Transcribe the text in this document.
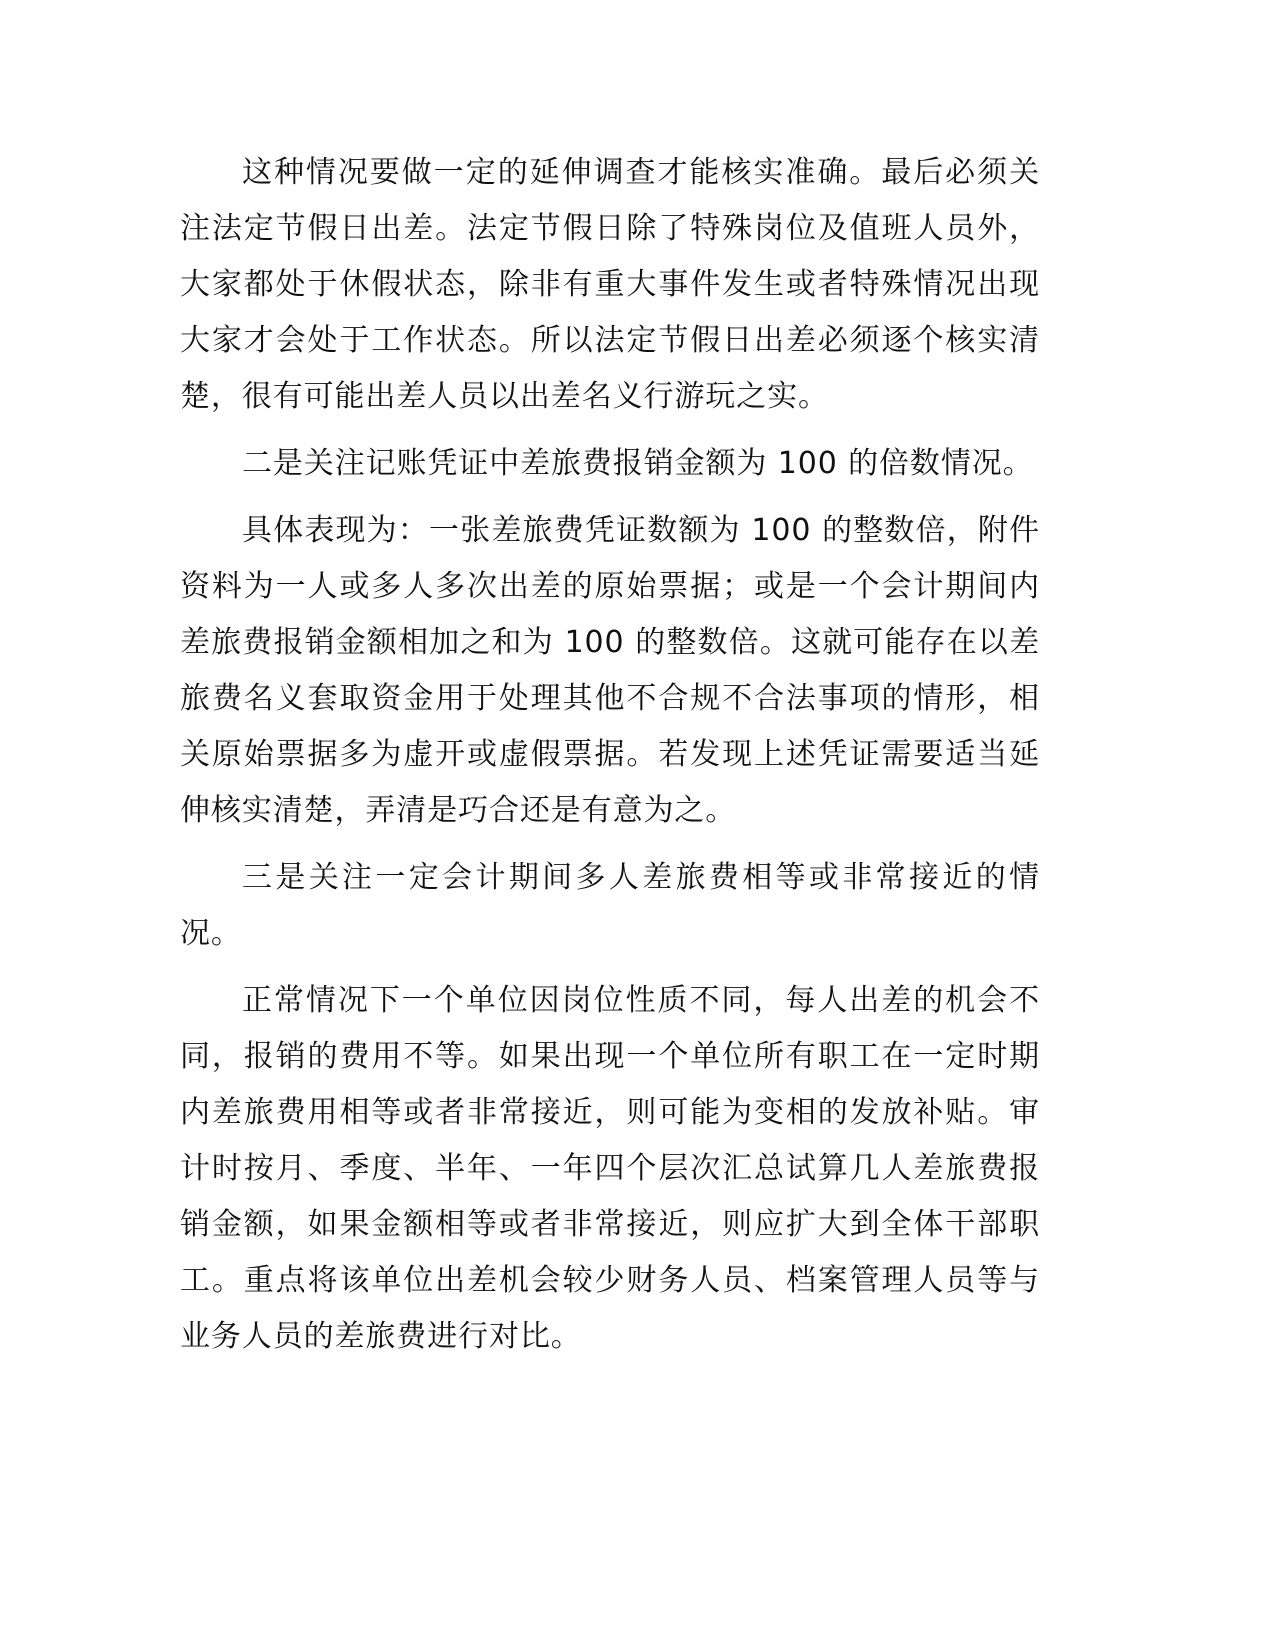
这种情况要做一定的延伸调查才能核实准确。最后必须关注法定节假日出差。法定节假日除了特殊岗位及值班人员外，大家都处于休假状态，除非有重大事件发生或者特殊情况出现大家才会处于工作状态。所以法定节假日出差必须逐个核实清楚，很有可能出差人员以出差名义行游玩之实。

二是关注记账凭证中差旅费报销金额为 100 的倍数情况。

具体表现为：一张差旅费凭证数额为 100 的整数倍，附件资料为一人或多人多次出差的原始票据；或是一个会计期间内差旅费报销金额相加之和为 100 的整数倍。这就可能存在以差旅费名义套取资金用于处理其他不合规不合法事项的情形，相关原始票据多为虚开或虚假票据。若发现上述凭证需要适当延伸核实清楚，弄清是巧合还是有意为之。

三是关注一定会计期间多人差旅费相等或非常接近的情况。

正常情况下一个单位因岗位性质不同，每人出差的机会不同，报销的费用不等。如果出现一个单位所有职工在一定时期内差旅费用相等或者非常接近，则可能为变相的发放补贴。审计时按月、季度、半年、一年四个层次汇总试算几人差旅费报销金额，如果金额相等或者非常接近，则应扩大到全体干部职工。重点将该单位出差机会较少财务人员、档案管理人员等与业务人员的差旅费进行对比。
